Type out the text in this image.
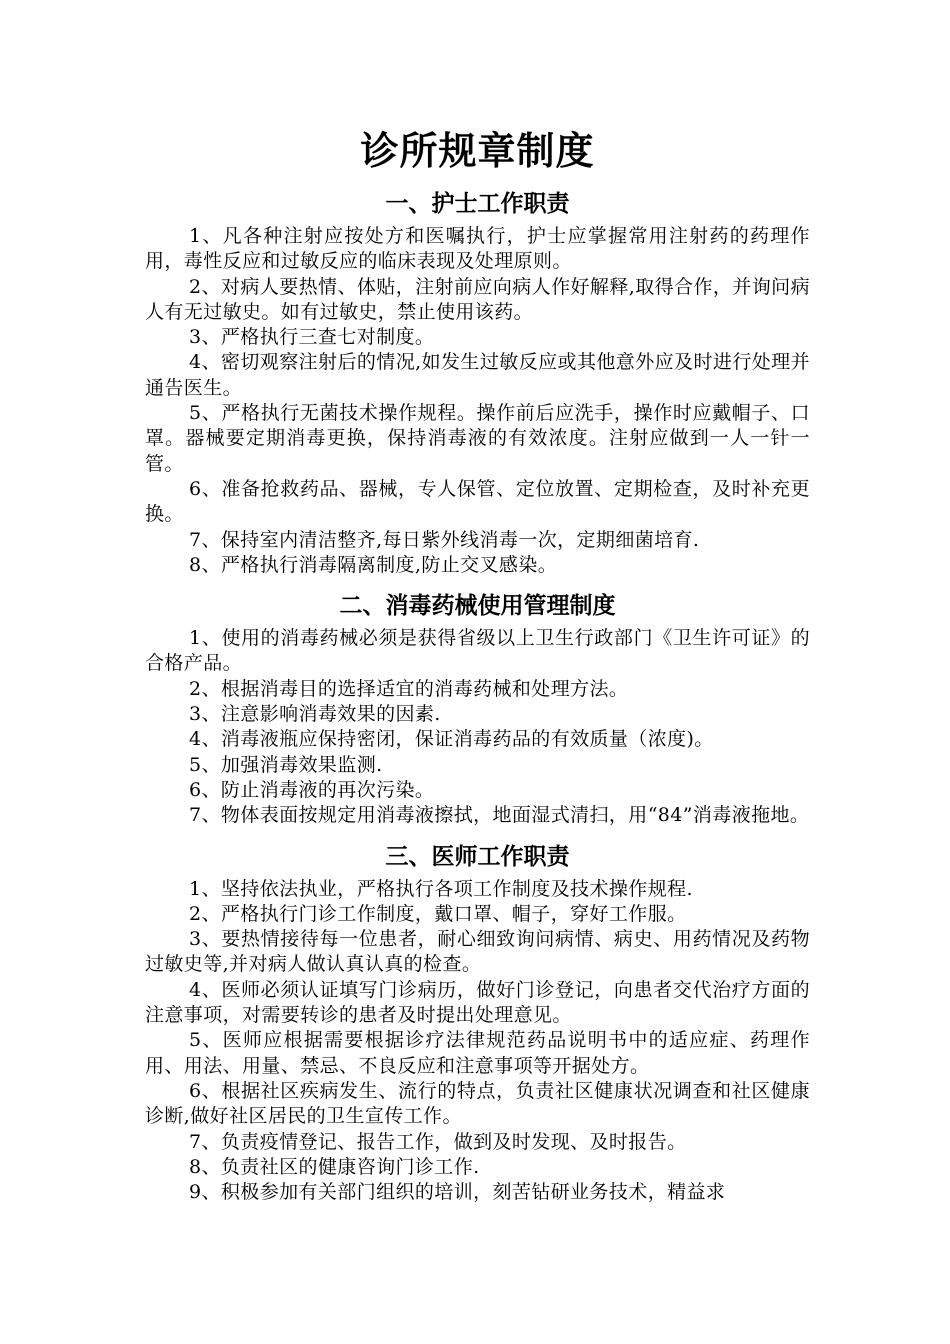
诊所规章制度
一、护士工作职责

1、凡各种注射应按处方和医嘱执行，护士应掌握常用注射药的药理作用，毒性反应和过敏反应的临床表现及处理原则。

2、对病人要热情、体贴，注射前应向病人作好解释,取得合作，并询问病人有无过敏史。如有过敏史，禁止使用该药。

3、严格执行三查七对制度。

4、密切观察注射后的情况,如发生过敏反应或其他意外应及时进行处理并通告医生。

5、严格执行无菌技术操作规程。操作前后应洗手，操作时应戴帽子、口罩。器械要定期消毒更换，保持消毒液的有效浓度。注射应做到一人一针一管。

6、准备抢救药品、器械，专人保管、定位放置、定期检查，及时补充更换。

7、保持室内清洁整齐,每日紫外线消毒一次，定期细菌培育.

8、严格执行消毒隔离制度,防止交叉感染。

二、消毒药械使用管理制度

1、使用的消毒药械必须是获得省级以上卫生行政部门《卫生许可证》的合格产品。

2、根据消毒目的选择适宜的消毒药械和处理方法。

3、注意影响消毒效果的因素.

4、消毒液瓶应保持密闭，保证消毒药品的有效质量（浓度)。

5、加强消毒效果监测.

6、防止消毒液的再次污染。

7、物体表面按规定用消毒液擦拭，地面湿式清扫，用“84”消毒液拖地。

三、医师工作职责

1、坚持依法执业，严格执行各项工作制度及技术操作规程.

2、严格执行门诊工作制度，戴口罩、帽子，穿好工作服。

3、要热情接待每一位患者，耐心细致询问病情、病史、用药情况及药物过敏史等,并对病人做认真认真的检查。

4、医师必须认证填写门诊病历，做好门诊登记，向患者交代治疗方面的注意事项，对需要转诊的患者及时提出处理意见。

5、医师应根据需要根据诊疗法律规范药品说明书中的适应症、药理作用、用法、用量、禁忌、不良反应和注意事项等开据处方。

6、根据社区疾病发生、流行的特点，负责社区健康状况调查和社区健康诊断,做好社区居民的卫生宣传工作。

7、负责疫情登记、报告工作，做到及时发现、及时报告。

8、负责社区的健康咨询门诊工作.

9、积极参加有关部门组织的培训，刻苦钻研业务技术，精益求
